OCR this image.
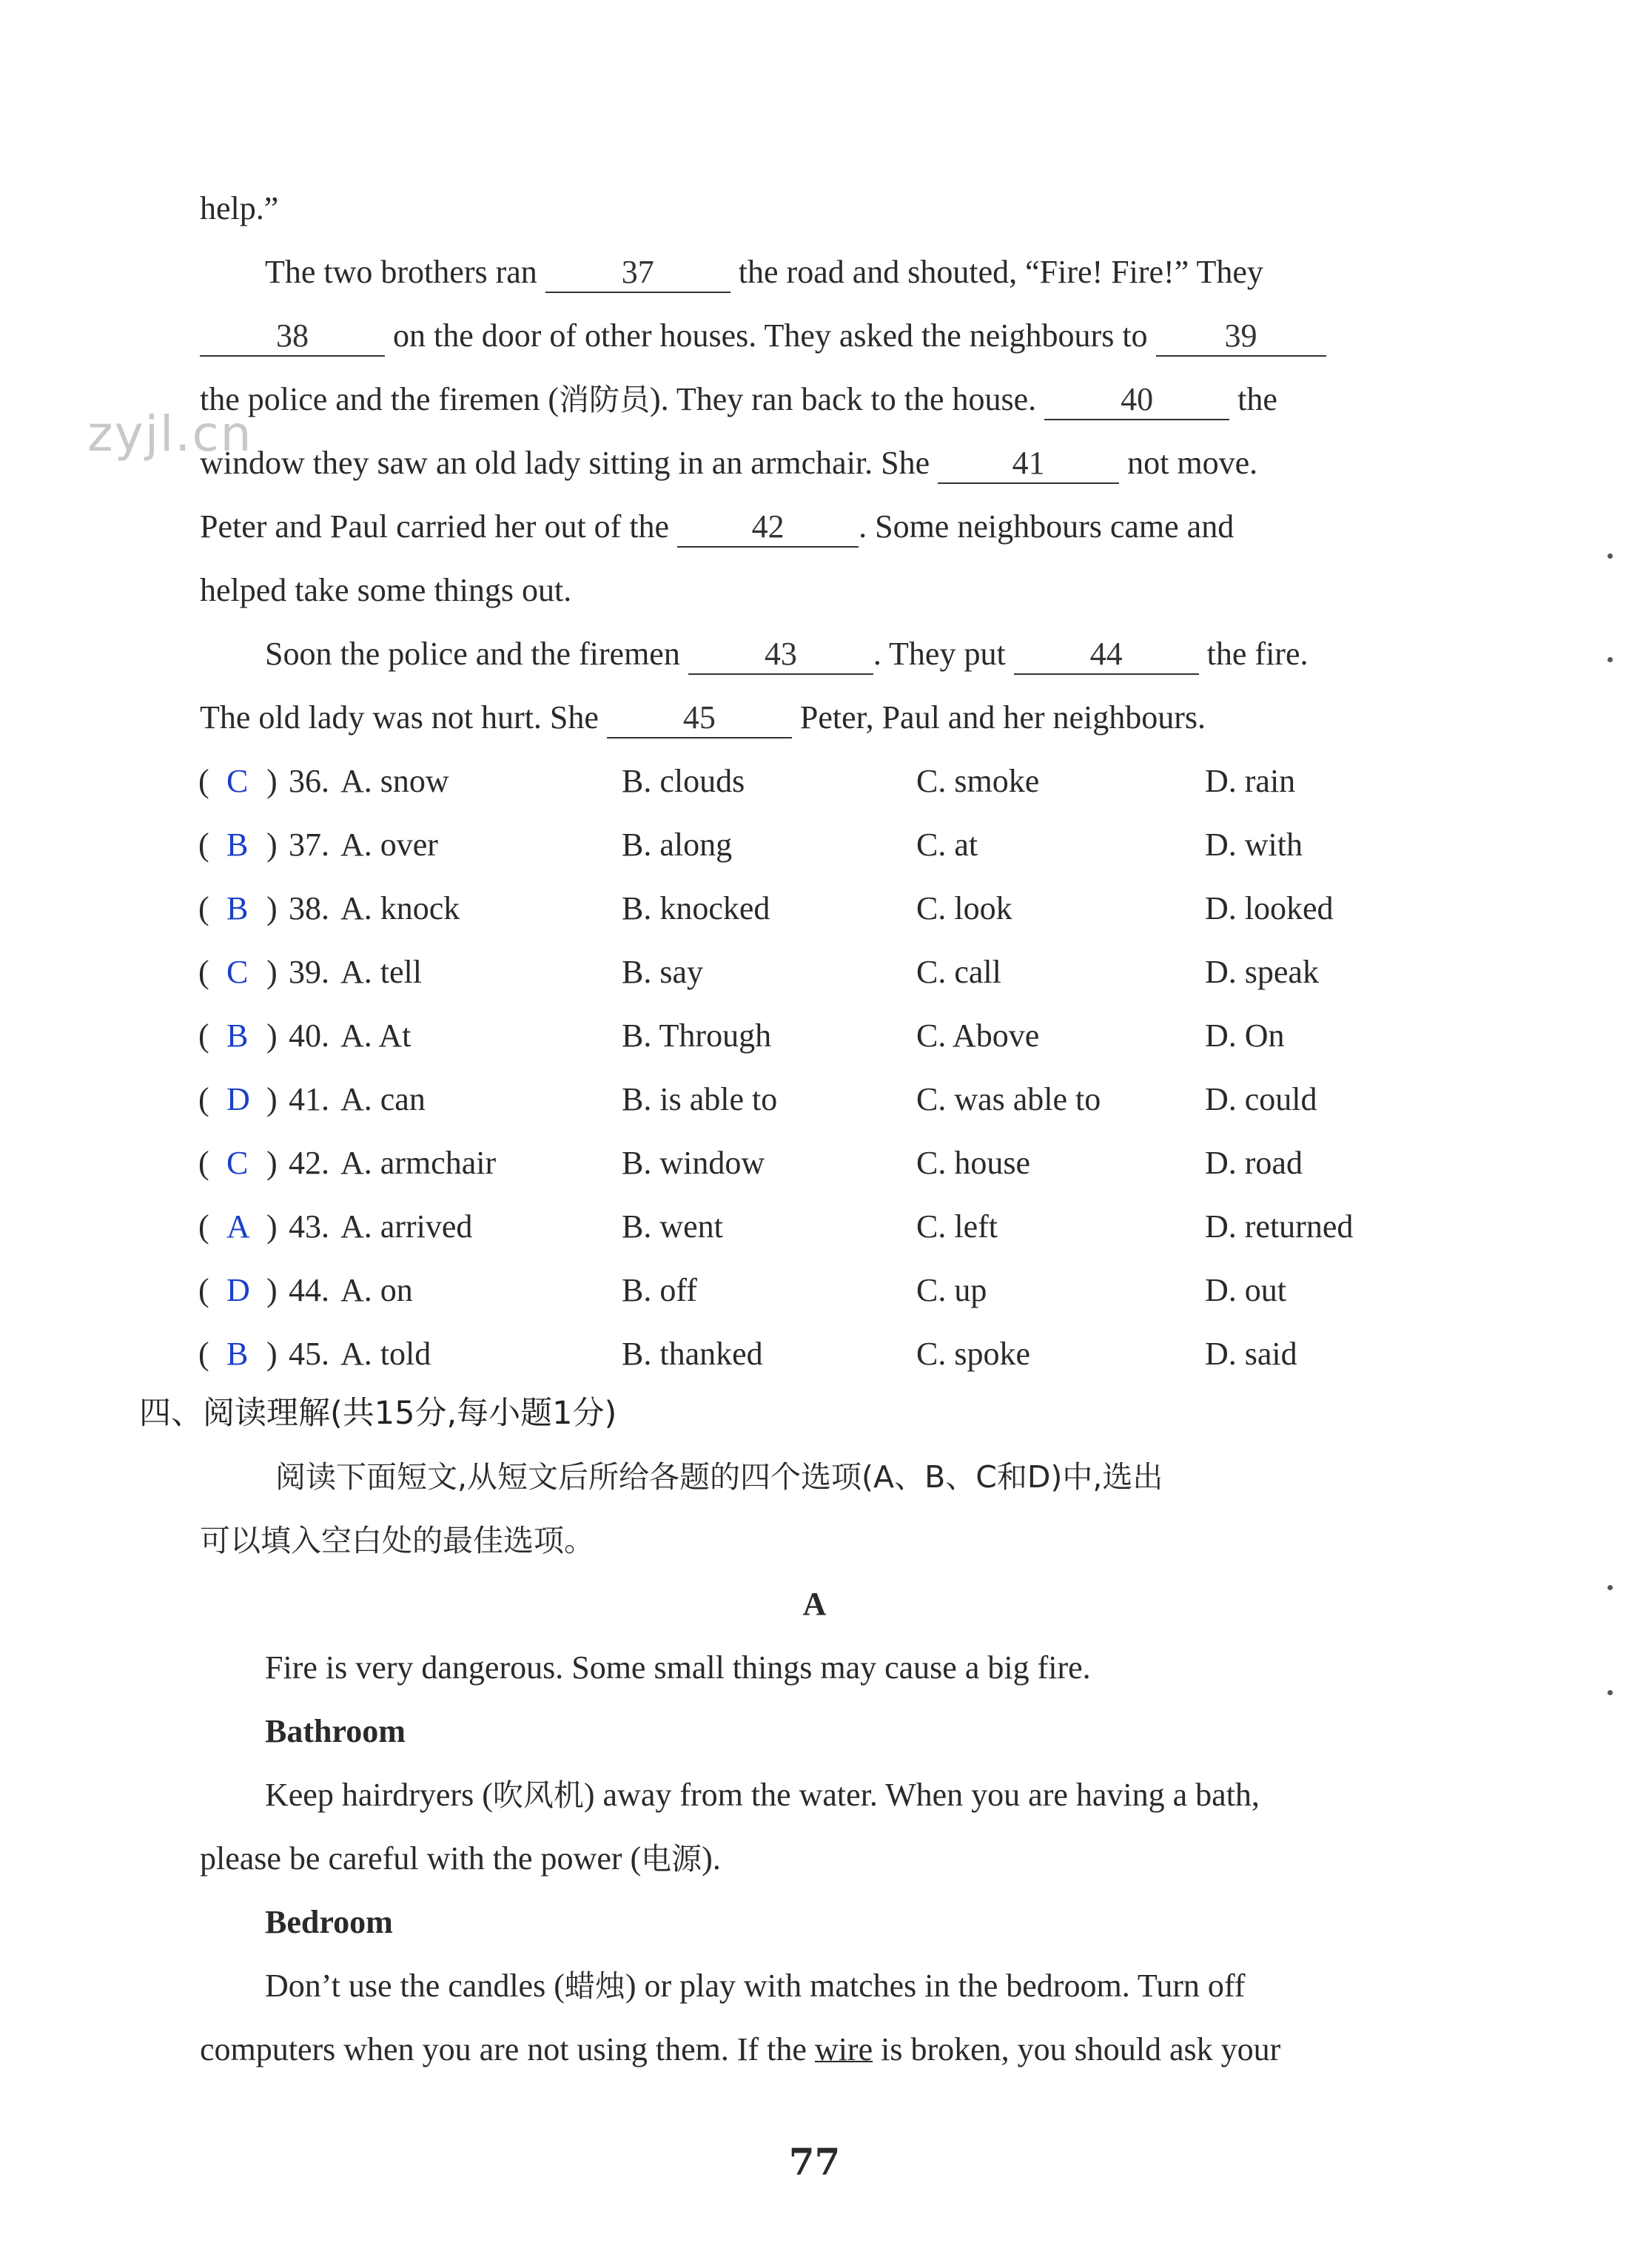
zyjl.cn
help.”
The two brothers ran	37	the road and shouted, “Fire! Fire!” They
38	on the door of other houses. They asked the neighbours to 39
the police and the firemen (消防员). They ran back to the house.	40	the
window they saw an old lady sitting in an armchair. She	41	not move.
Peter and Paul carried her out of the	42 . Some neighbours came and
helped take some things out.
Soon the police and the firemen	43 . They put	44	the fire.
The old lady was not hurt. She	45	Peter, Paul and her neighbours.
( C ) 36. A. snow	B. clouds	C. smoke	D. rain
( B ) 37. A. over	B. along	C. at	D. with
( B ) 38. A. knock	B. knocked	C. look	D. looked
( C ) 39. A. tell	B. say	C. call	D. speak
( B ) 40. A. At	B. Through	C. Above	D. On
( D ) 41. A. can	B. is able to	C. was able to	D. could
( C ) 42. A. armchair	B. window	C. house	D. road
( A ) 43. A. arrived	B. went	C. left	D. returned
( D ) 44. A. on	B. off	C. up	D. out
( B ) 45. A. told	B. thanked	C. spoke	D. said
四、阅读理解(共15分,每小题1分)
阅读下面短文,从短文后所给各题的四个选项(A、B、C和D)中,选出
可以填入空白处的最佳选项。
A
Fire is very dangerous. Some small things may cause a big fire.
Bathroom
Keep hairdryers (吹风机) away from the water. When you are having a bath,
please be careful with the power (电源).
Bedroom
Don’t use the candles (蜡烛) or play with matches in the bedroom. Turn off
computers when you are not using them. If the wire is broken, you should ask your
77
